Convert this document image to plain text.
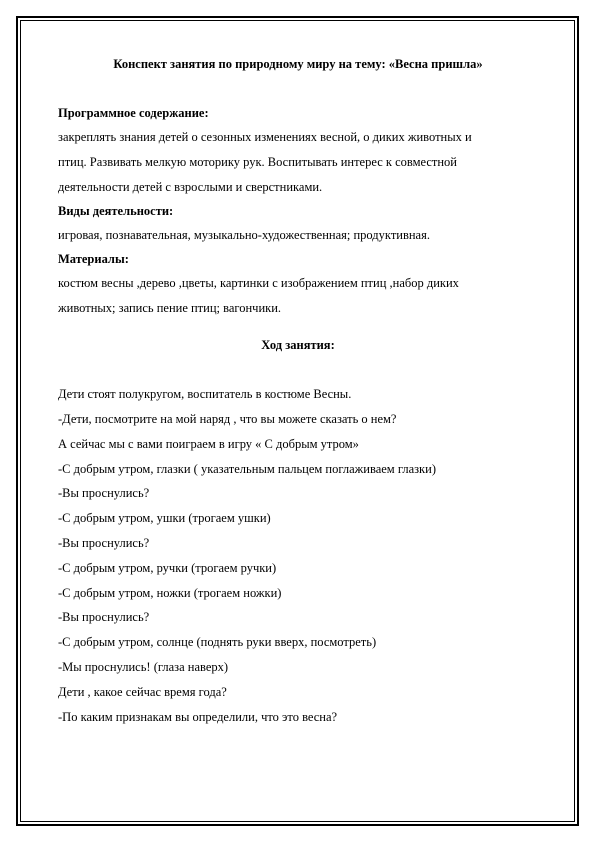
Конспект занятия по природному миру на тему: «Весна пришла»

Программное содержание:

закреплять знания детей о сезонных изменениях весной, о диких животных и

птиц. Развивать мелкую моторику рук. Воспитывать интерес к совместной

деятельности детей с взрослыми и сверстниками.

Виды деятельности:

игровая, познавательная, музыкально-художественная; продуктивная.

Материалы:

костюм весны ,дерево ,цветы, картинки с изображением птиц ,набор диких

животных; запись пение птиц; вагончики.

Ход занятия:

Дети стоят полукругом, воспитатель в костюме Весны.

-Дети, посмотрите на мой наряд , что вы можете сказать о нем?

А сейчас мы с вами поиграем в игру « С добрым утром»

-С добрым утром, глазки ( указательным пальцем поглаживаем глазки)

-Вы проснулись?

-С добрым утром, ушки (трогаем ушки)

-Вы проснулись?

-С добрым утром, ручки (трогаем ручки)

-С добрым утром, ножки (трогаем ножки)

-Вы проснулись?

-С добрым утром, солнце (поднять руки вверх, посмотреть)

-Мы проснулись! (глаза наверх)

Дети , какое сейчас время года?

-По каким признакам вы определили, что это весна?
